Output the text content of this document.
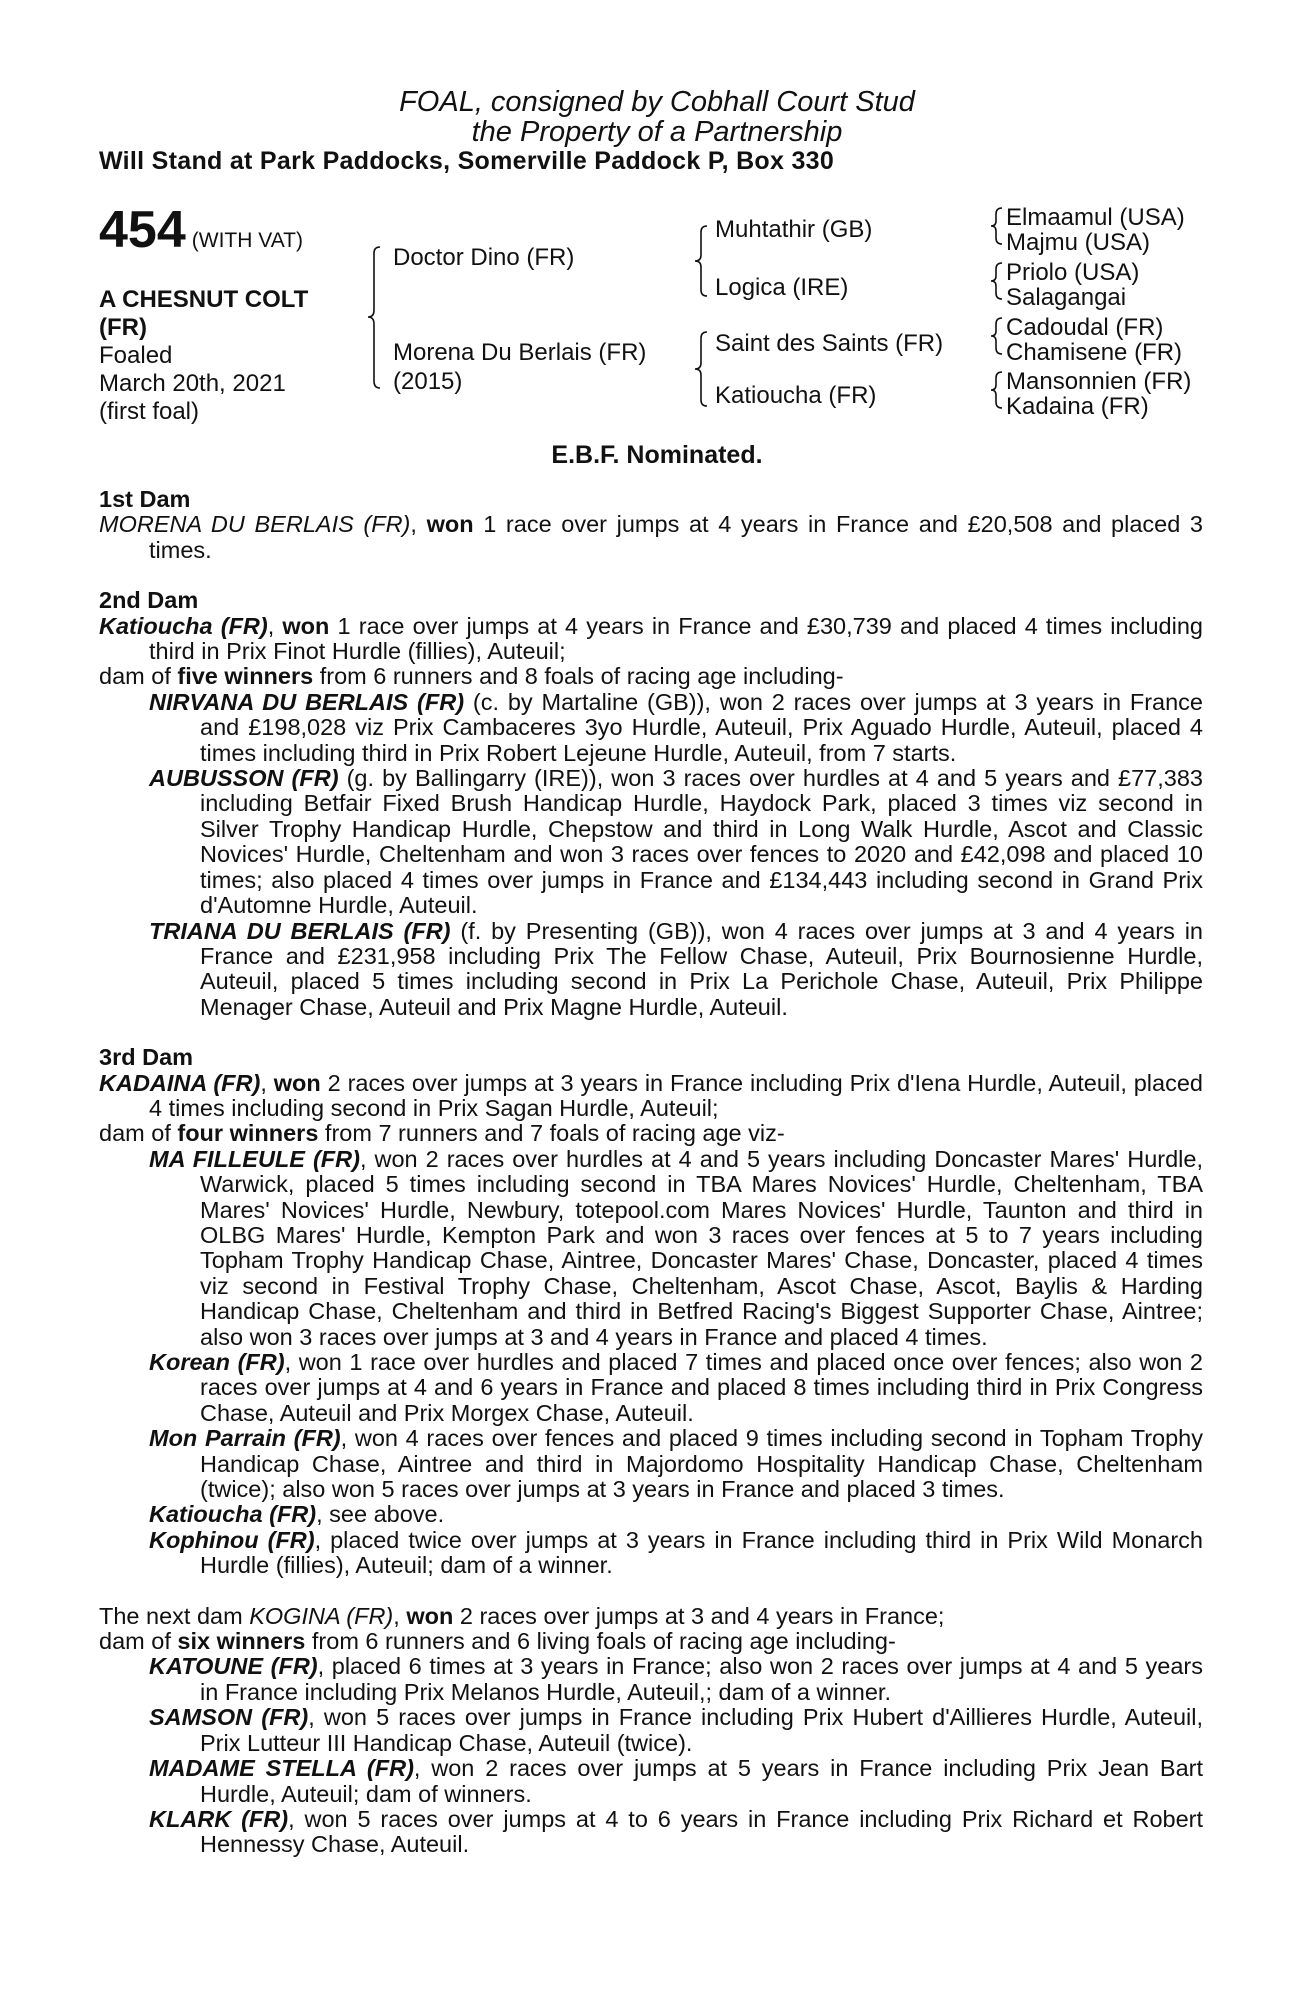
FOAL, consigned by Cobhall Court Stud
the Property of a Partnership
Will Stand at Park Paddocks, Somerville Paddock P, Box 330
454 (WITH VAT)
A CHESNUT COLT
(FR)
Foaled
March 20th, 2021
(first foal)
Doctor Dino (FR)
Morena Du Berlais (FR)
(2015)
Muhtathir (GB)
Logica (IRE)
Saint des Saints (FR)
Katioucha (FR)
Elmaamul (USA)
Majmu (USA)
Priolo (USA)
Salagangai
Cadoudal (FR)
Chamisene (FR)
Mansonnien (FR)
Kadaina (FR)
E.B.F. Nominated.

1st Dam

MORENA DU BERLAIS (FR), won 1 race over jumps at 4 years in France and £20,508 and placed 3 times.

2nd Dam

Katioucha (FR), won 1 race over jumps at 4 years in France and £30,739 and placed 4 times including third in Prix Finot Hurdle (fillies), Auteuil;

dam of five winners from 6 runners and 8 foals of racing age including-

NIRVANA DU BERLAIS (FR) (c. by Martaline (GB)), won 2 races over jumps at 3 years in France and £198,028 viz Prix Cambaceres 3yo Hurdle, Auteuil, Prix Aguado Hurdle, Auteuil, placed 4 times including third in Prix Robert Lejeune Hurdle, Auteuil, from 7 starts.

AUBUSSON (FR) (g. by Ballingarry (IRE)), won 3 races over hurdles at 4 and 5 years and £77,383 including Betfair Fixed Brush Handicap Hurdle, Haydock Park, placed 3 times viz second in Silver Trophy Handicap Hurdle, Chepstow and third in Long Walk Hurdle, Ascot and Classic Novices' Hurdle, Cheltenham and won 3 races over fences to 2020 and £42,098 and placed 10 times; also placed 4 times over jumps in France and £134,443 including second in Grand Prix d'Automne Hurdle, Auteuil.

TRIANA DU BERLAIS (FR) (f. by Presenting (GB)), won 4 races over jumps at 3 and 4 years in France and £231,958 including Prix The Fellow Chase, Auteuil, Prix Bournosienne Hurdle, Auteuil, placed 5 times including second in Prix La Perichole Chase, Auteuil, Prix Philippe Menager Chase, Auteuil and Prix Magne Hurdle, Auteuil.

3rd Dam

KADAINA (FR), won 2 races over jumps at 3 years in France including Prix d'Iena Hurdle, Auteuil, placed 4 times including second in Prix Sagan Hurdle, Auteuil;

dam of four winners from 7 runners and 7 foals of racing age viz-

MA FILLEULE (FR), won 2 races over hurdles at 4 and 5 years including Doncaster Mares' Hurdle, Warwick, placed 5 times including second in TBA Mares Novices' Hurdle, Cheltenham, TBA Mares' Novices' Hurdle, Newbury, totepool.com Mares Novices' Hurdle, Taunton and third in OLBG Mares' Hurdle, Kempton Park and won 3 races over fences at 5 to 7 years including Topham Trophy Handicap Chase, Aintree, Doncaster Mares' Chase, Doncaster, placed 4 times viz second in Festival Trophy Chase, Cheltenham, Ascot Chase, Ascot, Baylis & Harding Handicap Chase, Cheltenham and third in Betfred Racing's Biggest Supporter Chase, Aintree; also won 3 races over jumps at 3 and 4 years in France and placed 4 times.

Korean (FR), won 1 race over hurdles and placed 7 times and placed once over fences; also won 2 races over jumps at 4 and 6 years in France and placed 8 times including third in Prix Congress Chase, Auteuil and Prix Morgex Chase, Auteuil.

Mon Parrain (FR), won 4 races over fences and placed 9 times including second in Topham Trophy Handicap Chase, Aintree and third in Majordomo Hospitality Handicap Chase, Cheltenham (twice); also won 5 races over jumps at 3 years in France and placed 3 times.

Katioucha (FR), see above.

Kophinou (FR), placed twice over jumps at 3 years in France including third in Prix Wild Monarch Hurdle (fillies), Auteuil; dam of a winner.

The next dam KOGINA (FR), won 2 races over jumps at 3 and 4 years in France;

dam of six winners from 6 runners and 6 living foals of racing age including-

KATOUNE (FR), placed 6 times at 3 years in France; also won 2 races over jumps at 4 and 5 years in France including Prix Melanos Hurdle, Auteuil,; dam of a winner.

SAMSON (FR), won 5 races over jumps in France including Prix Hubert d'Aillieres Hurdle, Auteuil, Prix Lutteur III Handicap Chase, Auteuil (twice).

MADAME STELLA (FR), won 2 races over jumps at 5 years in France including Prix Jean Bart Hurdle, Auteuil; dam of winners.

KLARK (FR), won 5 races over jumps at 4 to 6 years in France including Prix Richard et Robert Hennessy Chase, Auteuil.
